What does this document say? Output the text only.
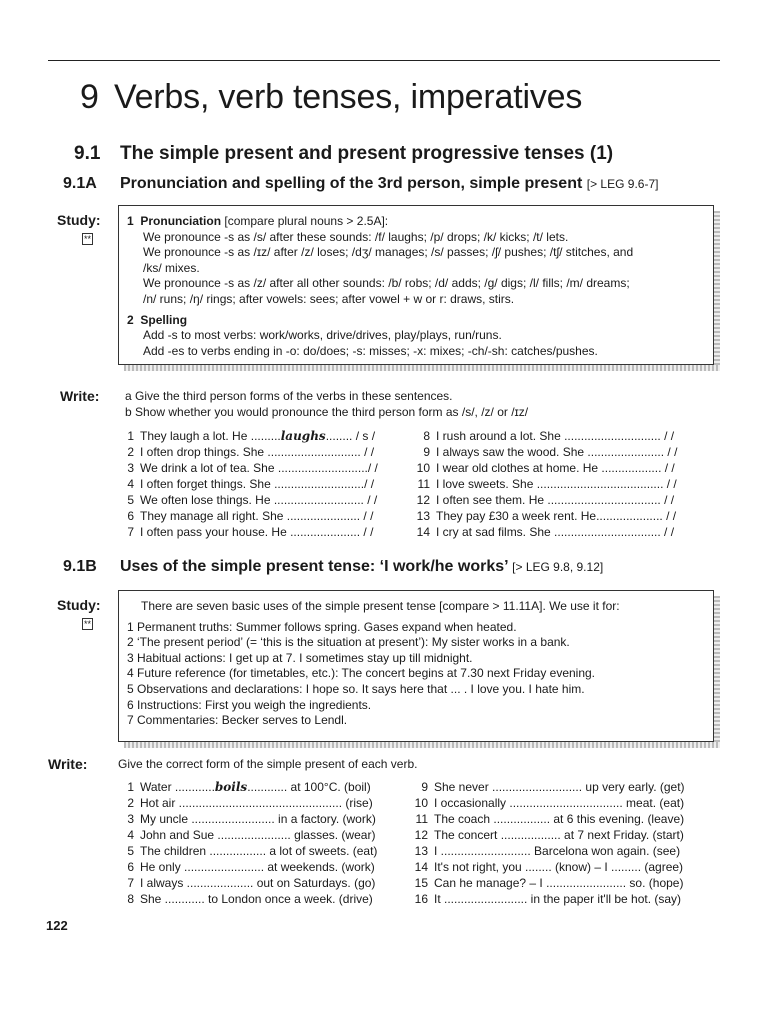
9 Verbs, verb tenses, imperatives
9.1 The simple present and present progressive tenses (1)
9.1A Pronunciation and spelling of the 3rd person, simple present [> LEG 9.6-7]
Study:
**

1 Pronunciation [compare plural nouns > 2.5A]:

We pronounce -s as /s/ after these sounds: /f/ laughs; /p/ drops; /k/ kicks; /t/ lets.

We pronounce -s as /ɪz/ after /z/ loses; /dʒ/ manages; /s/ passes; /ʃ/ pushes; /tʃ/ stitches, and

/ks/ mixes.

We pronounce -s as /z/ after all other sounds: /b/ robs; /d/ adds; /g/ digs; /l/ fills; /m/ dreams;

/n/ runs; /ŋ/ rings; after vowels: sees; after vowel + w or r: draws, stirs.

2 Spelling

Add -s to most verbs: work/works, drive/drives, play/plays, run/runs.

Add -es to verbs ending in -o: do/does; -s: misses; -x: mixes; -ch/-sh: catches/pushes.

Write: a Give the third person forms of the verbs in these sentences.
b Show whether you would pronounce the third person form as /s/, /z/ or /ɪz/
1 They laugh a lot. He .........laughs........ / s /
2 I often drop things. She ............................ / /
3 We drink a lot of tea. She .........................../ /
4 I often forget things. She .........................../ /
5 We often lose things. He ........................... / /
6 They manage all right. She ...................... / /
7 I often pass your house. He ..................... / /
8 I rush around a lot. She ............................. / /
9 I always saw the wood. She ....................... / /
10 I wear old clothes at home. He .................. / /
11 I love sweets. She ...................................... / /
12 I often see them. He .................................. / /
13 They pay £30 a week rent. He.................... / /
14 I cry at sad films. She ................................ / /
9.1B Uses of the simple present tense: ‘I work/he works’ [> LEG 9.8, 9.12]
Study:
**

There are seven basic uses of the simple present tense [compare > 11.11A]. We use it for:

1 Permanent truths: Summer follows spring. Gases expand when heated.

2 ‘The present period’ (= ‘this is the situation at present’): My sister works in a bank.

3 Habitual actions: I get up at 7. I sometimes stay up till midnight.

4 Future reference (for timetables, etc.): The concert begins at 7.30 next Friday evening.

5 Observations and declarations: I hope so. It says here that ... . I love you. I hate him.

6 Instructions: First you weigh the ingredients.

7 Commentaries: Becker serves to Lendl.

Write:	Give the correct form of the simple present of each verb.
1 Water ............boils............ at 100°C. (boil)
2 Hot air ................................................. (rise)
3 My uncle ......................... in a factory. (work)
4 John and Sue ...................... glasses. (wear)
5 The children ................. a lot of sweets. (eat)
6 He only ........................ at weekends. (work)
7 I always .................... out on Saturdays. (go)
8 She ............ to London once a week. (drive)
9 She never ........................... up very early. (get)
10 I occasionally .................................. meat. (eat)
11 The coach ................. at 6 this evening. (leave)
12 The concert .................. at 7 next Friday. (start)
13 I ........................... Barcelona won again. (see)
14 It's not right, you ........ (know) – I ......... (agree)
15 Can he manage? – I ........................ so. (hope)
16 It ......................... in the paper it'll be hot. (say)
122
